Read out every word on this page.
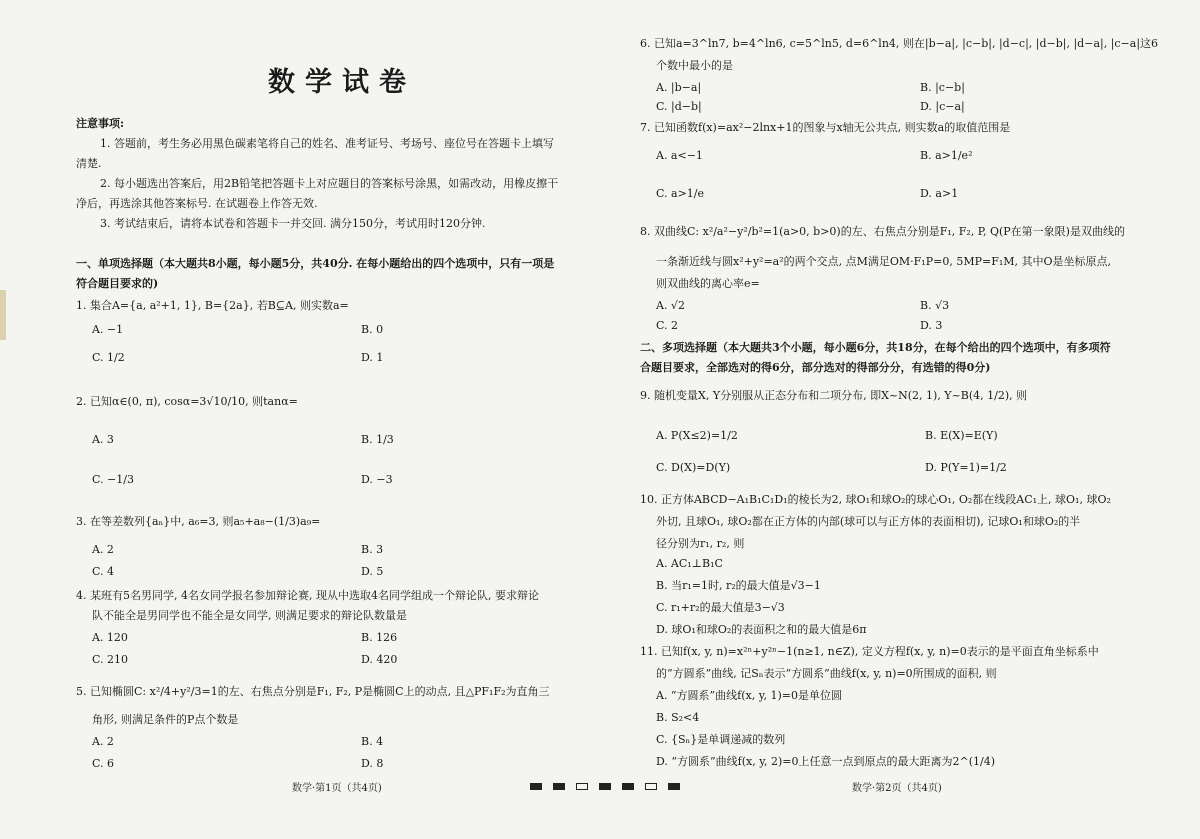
数学试卷
注意事项:
1. 答题前，考生务必用黑色碳素笔将自己的姓名、准考证号、考场号、座位号在答题卡上填写
清楚.
2. 每小题选出答案后，用2B铅笔把答题卡上对应题目的答案标号涂黑，如需改动，用橡皮擦干
净后，再选涂其他答案标号. 在试题卷上作答无效.
3. 考试结束后，请将本试卷和答题卡一并交回. 满分150分，考试用时120分钟.
一、单项选择题（本大题共8小题，每小题5分，共40分. 在每小题给出的四个选项中，只有一项是
符合题目要求的)
1. 集合A={a, a²+1, 1}, B={2a}, 若B⊆A, 则实数a=
A. −1	B. 0
C. 1/2	D. 1
2. 已知α∈(0, π), cosα=3√10/10, 则tanα=
A. 3	B. 1/3
C. −1/3	D. −3
3. 在等差数列{aₙ}中, a₆=3, 则a₅+a₈−(1/3)a₉=
A. 2	B. 3
C. 4	D. 5
4. 某班有5名男同学, 4名女同学报名参加辩论赛, 现从中选取4名同学组成一个辩论队, 要求辩论
队不能全是男同学也不能全是女同学, 则满足要求的辩论队数量是
A. 120	B. 126
C. 210	D. 420
5. 已知椭圆C: x²/4+y²/3=1的左、右焦点分别是F₁, F₂, P是椭圆C上的动点, 且△PF₁F₂为直角三
角形, 则满足条件的P点个数是
A. 2	B. 4
C. 6	D. 8
数学·第1页（共4页)
6. 已知a=3^ln7, b=4^ln6, c=5^ln5, d=6^ln4, 则在|b−a|, |c−b|, |d−c|, |d−b|, |d−a|, |c−a|这6
个数中最小的是
A. |b−a|	B. |c−b|
C. |d−b|	D. |c−a|
7. 已知函数f(x)=ax²−2lnx+1的图象与x轴无公共点, 则实数a的取值范围是
A. a<−1	B. a>1/e²
C. a>1/e	D. a>1
8. 双曲线C: x²/a²−y²/b²=1(a>0, b>0)的左、右焦点分别是F₁, F₂, P, Q(P在第一象限)是双曲线的
一条渐近线与圆x²+y²=a²的两个交点, 点M满足OM·F₁P=0, 5MP=F₁M, 其中O是坐标原点,
则双曲线的离心率e=
A. √2	B. √3
C. 2	D. 3
二、多项选择题（本大题共3个小题，每小题6分，共18分，在每个给出的四个选项中，有多项符
合题目要求，全部选对的得6分，部分选对的得部分分，有选错的得0分)
9. 随机变量X, Y分别服从正态分布和二项分布, 即X~N(2, 1), Y~B(4, 1/2), 则
A. P(X≤2)=1/2	B. E(X)=E(Y)
C. D(X)=D(Y)	D. P(Y=1)=1/2
10. 正方体ABCD−A₁B₁C₁D₁的棱长为2, 球O₁和球O₂的球心O₁, O₂都在线段AC₁上, 球O₁, 球O₂
外切, 且球O₁, 球O₂都在正方体的内部(球可以与正方体的表面相切), 记球O₁和球O₂的半
径分别为r₁, r₂, 则
A. AC₁⊥B₁C
B. 当r₁=1时, r₂的最大值是√3−1
C. r₁+r₂的最大值是3−√3
D. 球O₁和球O₂的表面积之和的最大值是6π
11. 已知f(x, y, n)=x²ⁿ+y²ⁿ−1(n≥1, n∈Z), 定义方程f(x, y, n)=0表示的是平面直角坐标系中
的“方圆系”曲线, 记Sₙ表示“方圆系”曲线f(x, y, n)=0所围成的面积, 则
A. “方圆系”曲线f(x, y, 1)=0是单位圆
B. S₂<4
C. {Sₙ}是单调递减的数列
D. “方圆系”曲线f(x, y, 2)=0上任意一点到原点的最大距离为2^(1/4)
数学·第2页（共4页)
